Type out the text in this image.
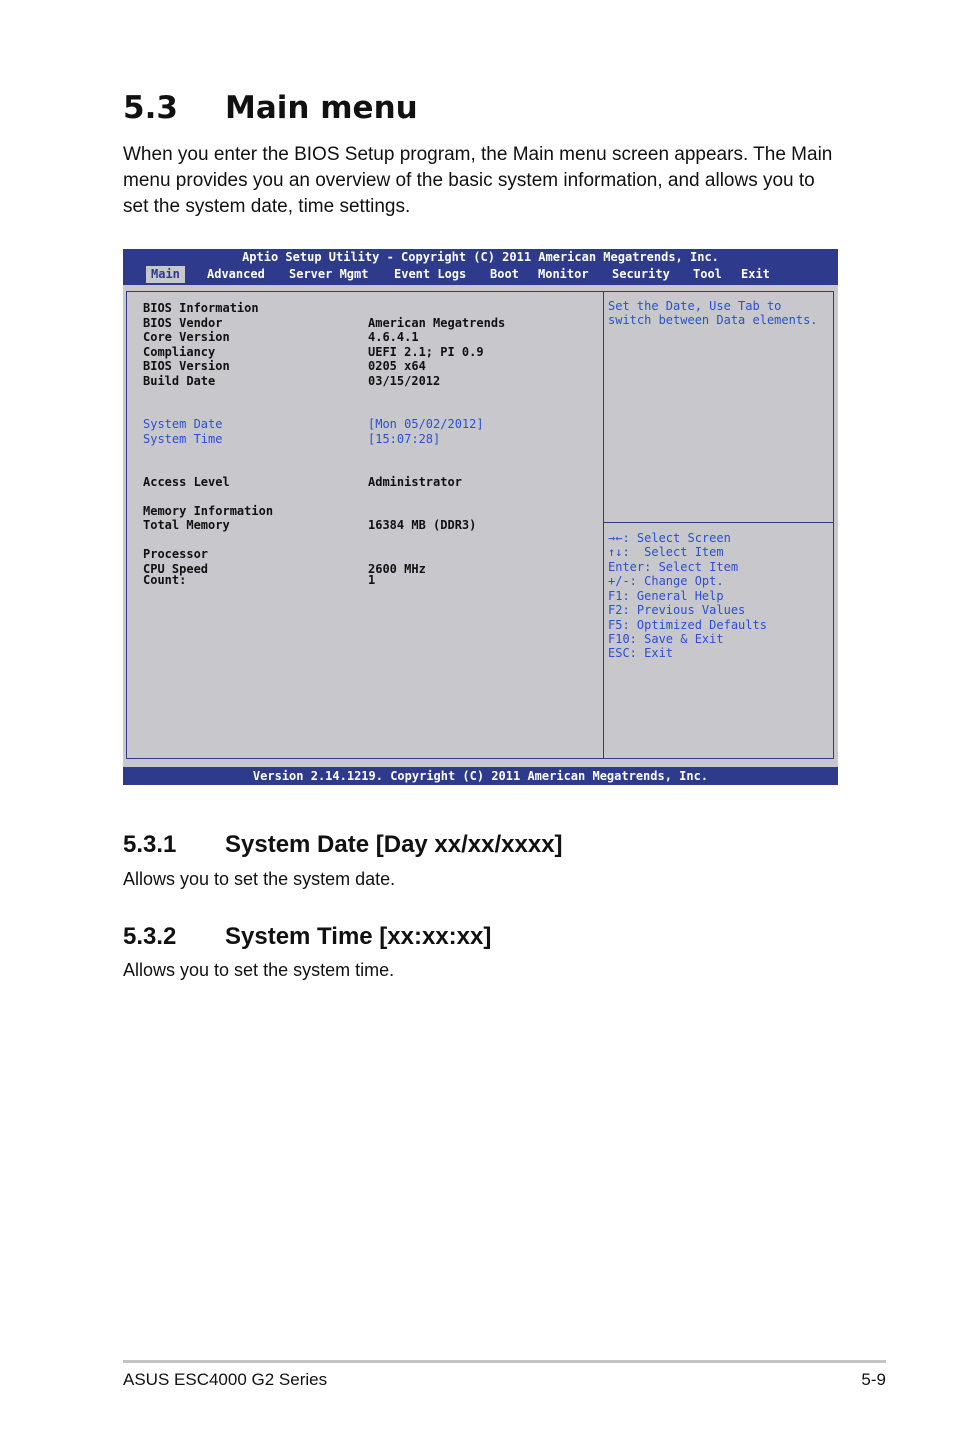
5.3 Main menu

When you enter the BIOS Setup program, the Main menu screen appears. The Main menu provides you an overview of the basic system information, and allows you to set the system date, time settings.

Aptio Setup Utility - Copyright (C) 2011 American Megatrends, Inc.
Main	Advanced Server Mgmt Event Logs Boot Monitor Security Tool Exit
BIOS Information
BIOS Vendor	American Megatrends
Core Version	4.6.4.1
Compliancy	UEFI 2.1; PI 0.9
BIOS Version	0205 x64
Build Date	03/15/2012
System Date	[Mon 05/02/2012]
System Time	[15:07:28]
Access Level	Administrator
Memory Information
Total Memory	16384 MB (DDR3)
Processor
CPU Speed	2600 MHz
Count:	1
Set the Date, Use Tab to
switch between Data elements.
→←: Select Screen
↑↓:  Select Item
Enter: Select Item
+/-: Change Opt.
F1: General Help
F2: Previous Values
F5: Optimized Defaults
F10: Save & Exit
ESC: Exit
Version 2.14.1219. Copyright (C) 2011 American Megatrends, Inc.
5.3.1 System Date [Day xx/xx/xxxx]

Allows you to set the system date.

5.3.2 System Time [xx:xx:xx]

Allows you to set the system time.

ASUS ESC4000 G2 Series	5-9
